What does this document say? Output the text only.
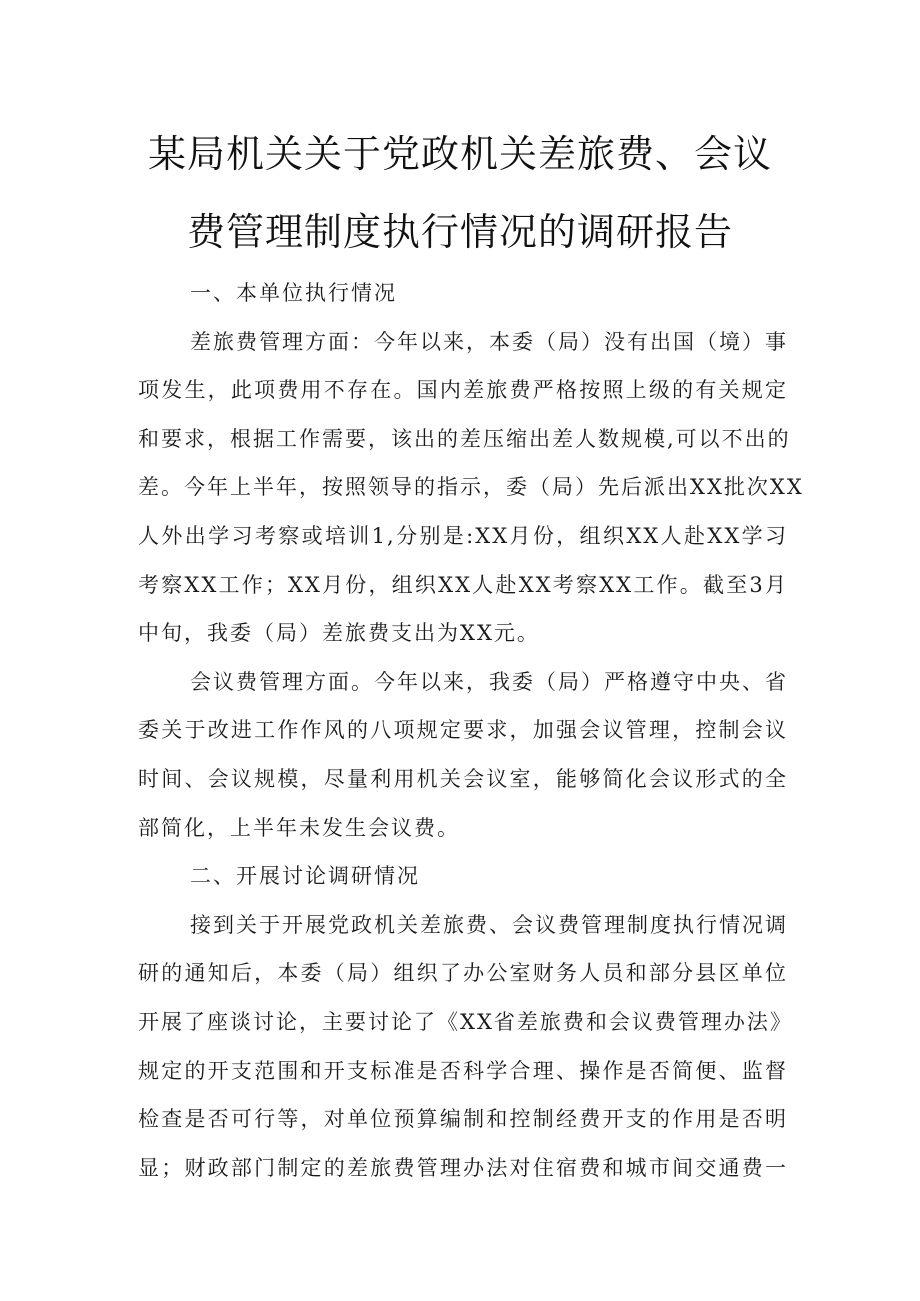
某局机关关于党政机关差旅费、会议
费管理制度执行情况的调研报告
一、本单位执行情况
差旅费管理方面：今年以来，本委（局）没有出国（境）事
项发生，此项费用不存在。国内差旅费严格按照上级的有关规定
和要求，根据工作需要，该出的差压缩出差人数规模,可以不出的
差。今年上半年，按照领导的指示，委（局）先后派出XX批次XX
人外出学习考察或培训1,分别是:XX月份，组织XX人赴XX学习
考察XX工作；XX月份，组织XX人赴XX考察XX工作。截至3月
中旬，我委（局）差旅费支出为XX元。
会议费管理方面。今年以来，我委（局）严格遵守中央、省
委关于改进工作作风的八项规定要求，加强会议管理，控制会议
时间、会议规模，尽量利用机关会议室，能够简化会议形式的全
部简化，上半年未发生会议费。
二、开展讨论调研情况
接到关于开展党政机关差旅费、会议费管理制度执行情况调
研的通知后，本委（局）组织了办公室财务人员和部分县区单位
开展了座谈讨论，主要讨论了《XX省差旅费和会议费管理办法》
规定的开支范围和开支标准是否科学合理、操作是否简便、监督
检查是否可行等，对单位预算编制和控制经费开支的作用是否明
显；财政部门制定的差旅费管理办法对住宿费和城市间交通费一
